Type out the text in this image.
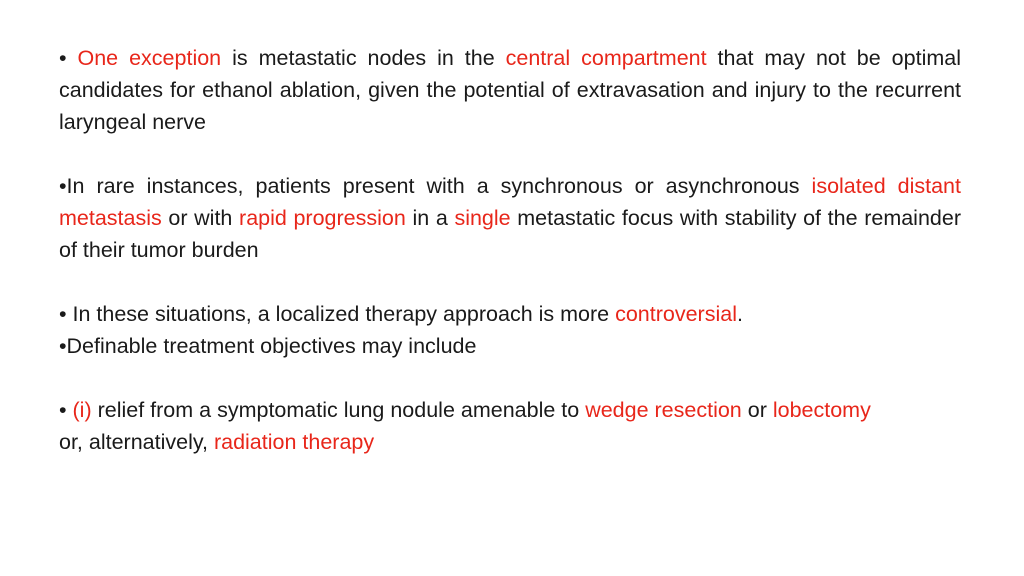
• One exception is metastatic nodes in the central compartment that may not be optimal candidates for ethanol ablation, given the potential of extravasation and injury to the recurrent laryngeal nerve

•In rare instances, patients present with a synchronous or asynchronous isolated distant metastasis or with rapid progression in a single metastatic focus with stability of the remainder of their tumor burden

• In these situations, a localized therapy approach is more controversial.

•Definable treatment objectives may include

• (i) relief from a symptomatic lung nodule amenable to wedge resection or lobectomy

or, alternatively, radiation therapy
